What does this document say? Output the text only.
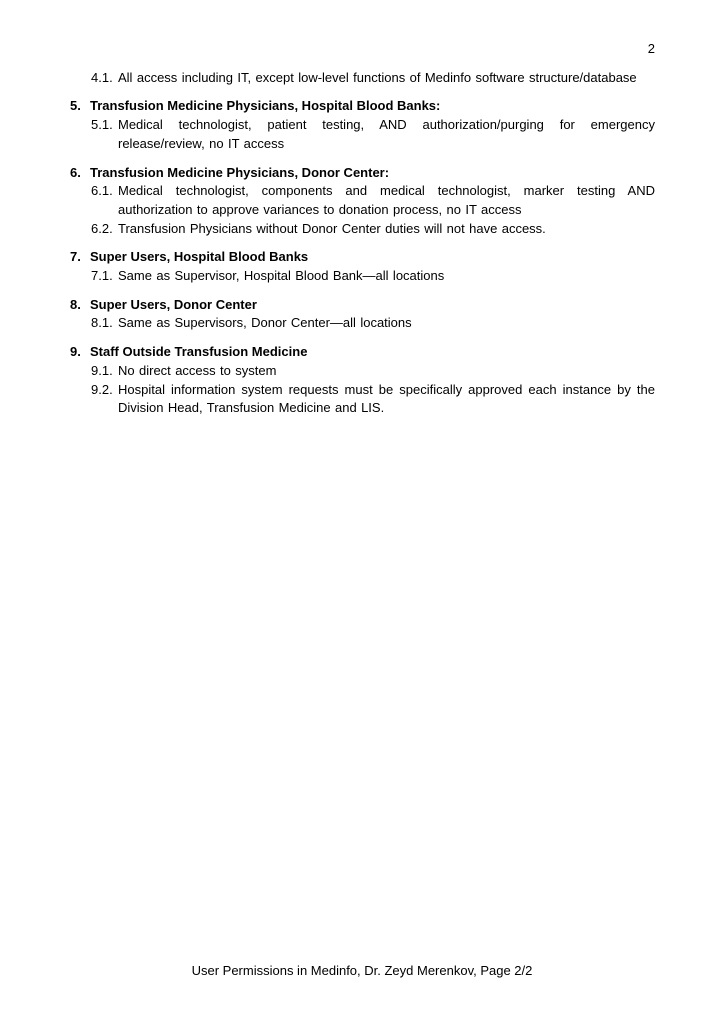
2
4.1. All access including IT, except low-level functions of Medinfo software structure/database
5. Transfusion Medicine Physicians, Hospital Blood Banks:
5.1. Medical technologist, patient testing, AND authorization/purging for emergency release/review, no IT access
6. Transfusion Medicine Physicians, Donor Center:
6.1. Medical technologist, components and medical technologist, marker testing AND authorization to approve variances to donation process, no IT access
6.2. Transfusion Physicians without Donor Center duties will not have access.
7. Super Users, Hospital Blood Banks
7.1. Same as Supervisor, Hospital Blood Bank—all locations
8. Super Users, Donor Center
8.1. Same as Supervisors, Donor Center—all locations
9. Staff Outside Transfusion Medicine
9.1. No direct access to system
9.2. Hospital information system requests must be specifically approved each instance by the Division Head, Transfusion Medicine and LIS.
User Permissions in Medinfo, Dr. Zeyd Merenkov, Page 2/2
